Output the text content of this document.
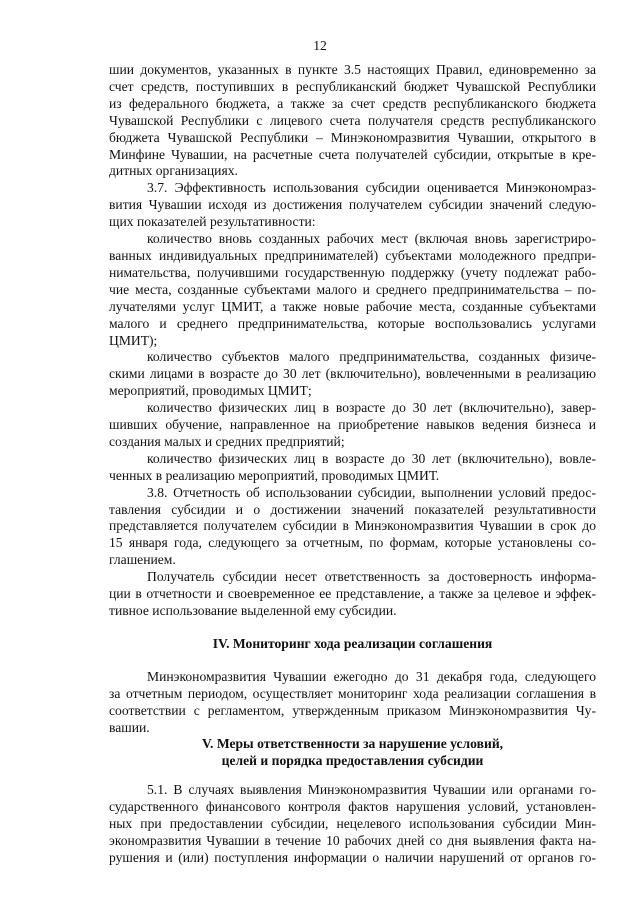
12
шии документов, указанных в пункте 3.5 настоящих Правил, единовременно за
счет средств, поступивших в республиканский бюджет Чувашской Республики
из федерального бюджета, а также за счет средств республиканского бюджета
Чувашской Республики с лицевого счета получателя средств республиканского
бюджета Чувашской Республики – Минэкономразвития Чувашии, открытого в
Минфине Чувашии, на расчетные счета получателей субсидии, открытые в кре-
дитных организациях.
3.7. Эффективность использования субсидии оценивается Минэкономраз-
вития Чувашии исходя из достижения получателем субсидии значений следую-
щих показателей результативности:
количество вновь созданных рабочих мест (включая вновь зарегистриро-
ванных индивидуальных предпринимателей) субъектами молодежного предпри-
нимательства, получившими государственную поддержку (учету подлежат рабо-
чие места, созданные субъектами малого и среднего предпринимательства – по-
лучателями услуг ЦМИТ, а также новые рабочие места, созданные субъектами
малого и среднего предпринимательства, которые воспользовались услугами
ЦМИТ);
количество субъектов малого предпринимательства, созданных физиче-
скими лицами в возрасте до 30 лет (включительно), вовлеченными в реализацию
мероприятий, проводимых ЦМИТ;
количество физических лиц в возрасте до 30 лет (включительно), завер-
шивших обучение, направленное на приобретение навыков ведения бизнеса и
создания малых и средних предприятий;
количество физических лиц в возрасте до 30 лет (включительно), вовле-
ченных в реализацию мероприятий, проводимых ЦМИТ.
3.8. Отчетность об использовании субсидии, выполнении условий предос-
тавления субсидии и о достижении значений показателей результативности
представляется получателем субсидии в Минэкономразвития Чувашии в срок до
15 января года, следующего за отчетным, по формам, которые установлены со-
глашением.
Получатель субсидии несет ответственность за достоверность информа-
ции в отчетности и своевременное ее представление, а также за целевое и эффек-
тивное использование выделенной ему субсидии.
IV. Мониторинг хода реализации соглашения
Минэкономразвития Чувашии ежегодно до 31 декабря года, следующего
за отчетным периодом, осуществляет мониторинг хода реализации соглашения в
соответствии с регламентом, утвержденным приказом Минэкономразвития Чу-
вашии.
V. Меры ответственности за нарушение условий,
целей и порядка предоставления субсидии
5.1. В случаях выявления Минэкономразвития Чувашии или органами го-
сударственного финансового контроля фактов нарушения условий, установлен-
ных при предоставлении субсидии, нецелевого использования субсидии Мин-
экономразвития Чувашии в течение 10 рабочих дней со дня выявления факта на-
рушения и (или) поступления информации о наличии нарушений от органов го-
